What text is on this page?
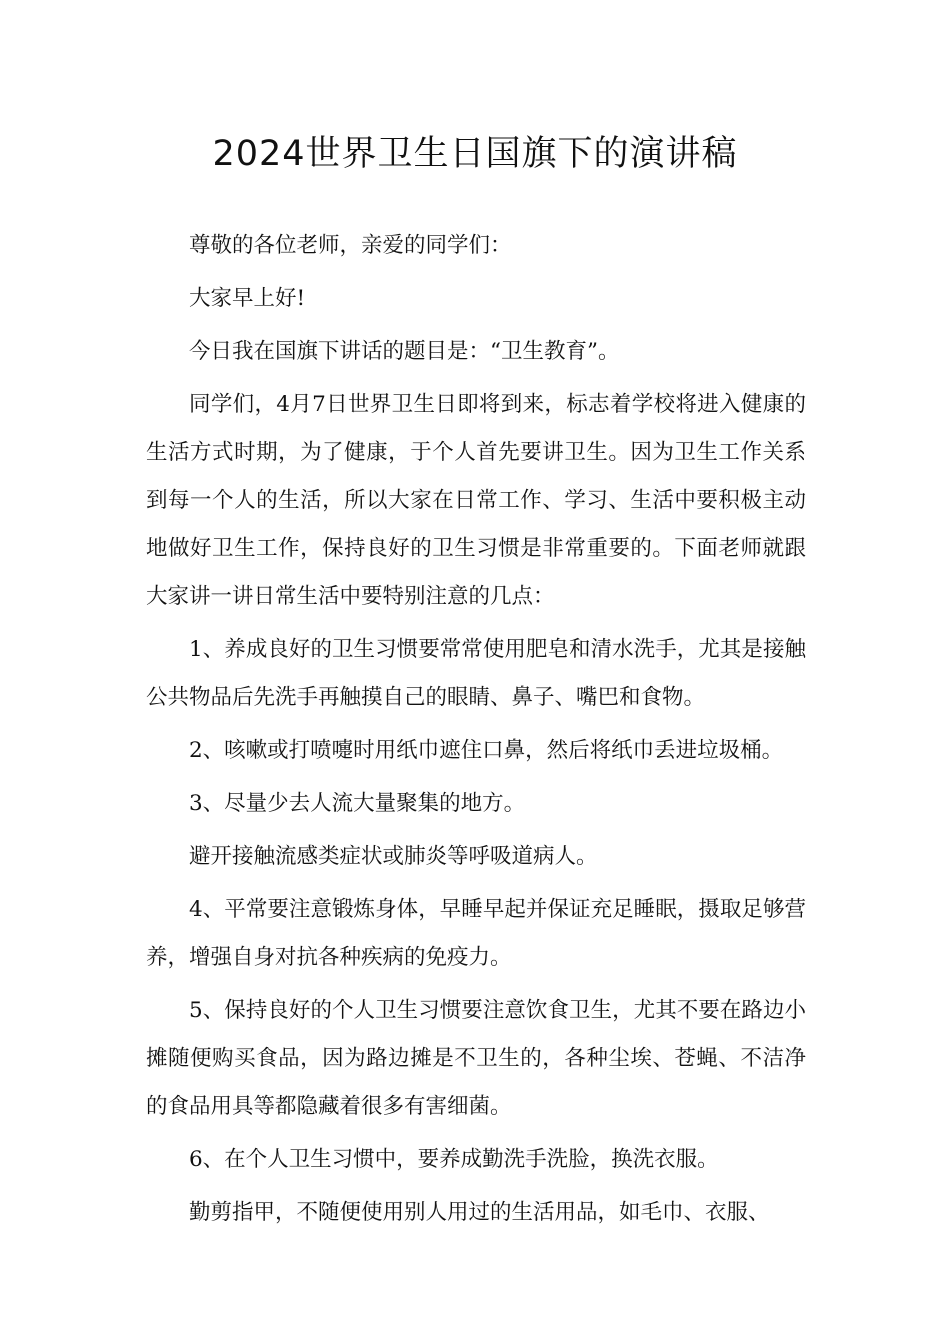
2024世界卫生日国旗下的演讲稿

尊敬的各位老师，亲爱的同学们：

大家早上好!

今日我在国旗下讲话的题目是：“卫生教育”。

同学们，4月7日世界卫生日即将到来，标志着学校将进入健康的生活方式时期，为了健康，于个人首先要讲卫生。因为卫生工作关系到每一个人的生活，所以大家在日常工作、学习、生活中要积极主动地做好卫生工作，保持良好的卫生习惯是非常重要的。下面老师就跟大家讲一讲日常生活中要特别注意的几点：

1、养成良好的卫生习惯要常常使用肥皂和清水洗手，尤其是接触公共物品后先洗手再触摸自己的眼睛、鼻子、嘴巴和食物。

2、咳嗽或打喷嚏时用纸巾遮住口鼻，然后将纸巾丢进垃圾桶。

3、尽量少去人流大量聚集的地方。

避开接触流感类症状或肺炎等呼吸道病人。

4、平常要注意锻炼身体，早睡早起并保证充足睡眠，摄取足够营养，增强自身对抗各种疾病的免疫力。

5、保持良好的个人卫生习惯要注意饮食卫生，尤其不要在路边小摊随便购买食品，因为路边摊是不卫生的，各种尘埃、苍蝇、不洁净的食品用具等都隐藏着很多有害细菌。

6、在个人卫生习惯中，要养成勤洗手洗脸，换洗衣服。

勤剪指甲，不随便使用别人用过的生活用品，如毛巾、衣服、
